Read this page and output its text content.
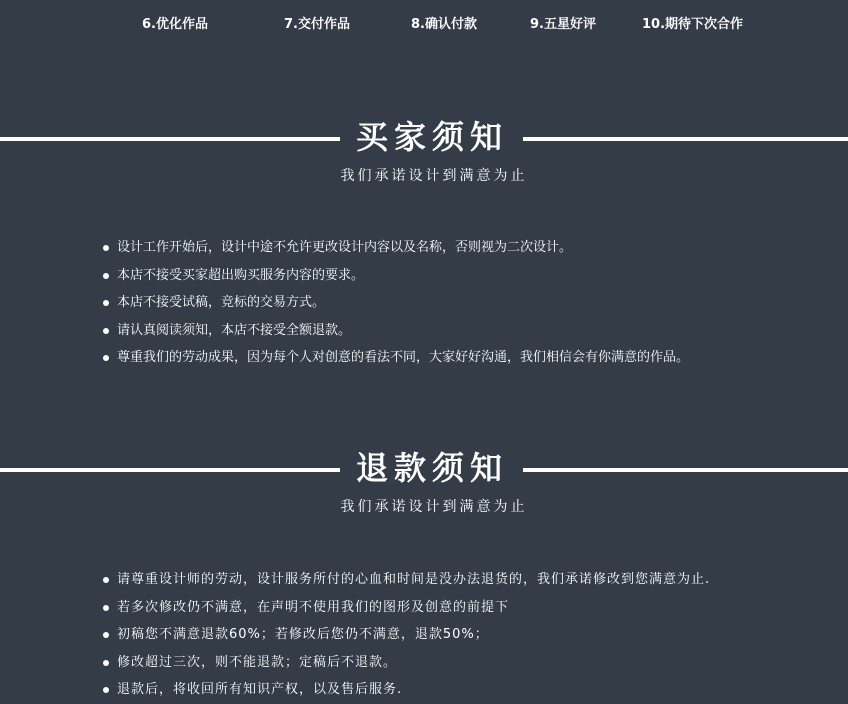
6.优化作品	7.交付作品	8.确认付款	9.五星好评	10.期待下次合作
买家须知
我们承诺设计到满意为止
设计工作开始后，设计中途不允许更改设计内容以及名称，否则视为二次设计。
本店不接受买家超出购买服务内容的要求。
本店不接受试稿，竞标的交易方式。
请认真阅读须知，本店不接受全额退款。
尊重我们的劳动成果，因为每个人对创意的看法不同，大家好好沟通，我们相信会有你满意的作品。
退款须知
我们承诺设计到满意为止
请尊重设计师的劳动，设计服务所付的心血和时间是没办法退货的，我们承诺修改到您满意为止.
若多次修改仍不满意，在声明不使用我们的图形及创意的前提下
初稿您不满意退款60%；若修改后您仍不满意，退款50%；
修改超过三次，则不能退款；定稿后不退款。
退款后，将收回所有知识产权，以及售后服务.
